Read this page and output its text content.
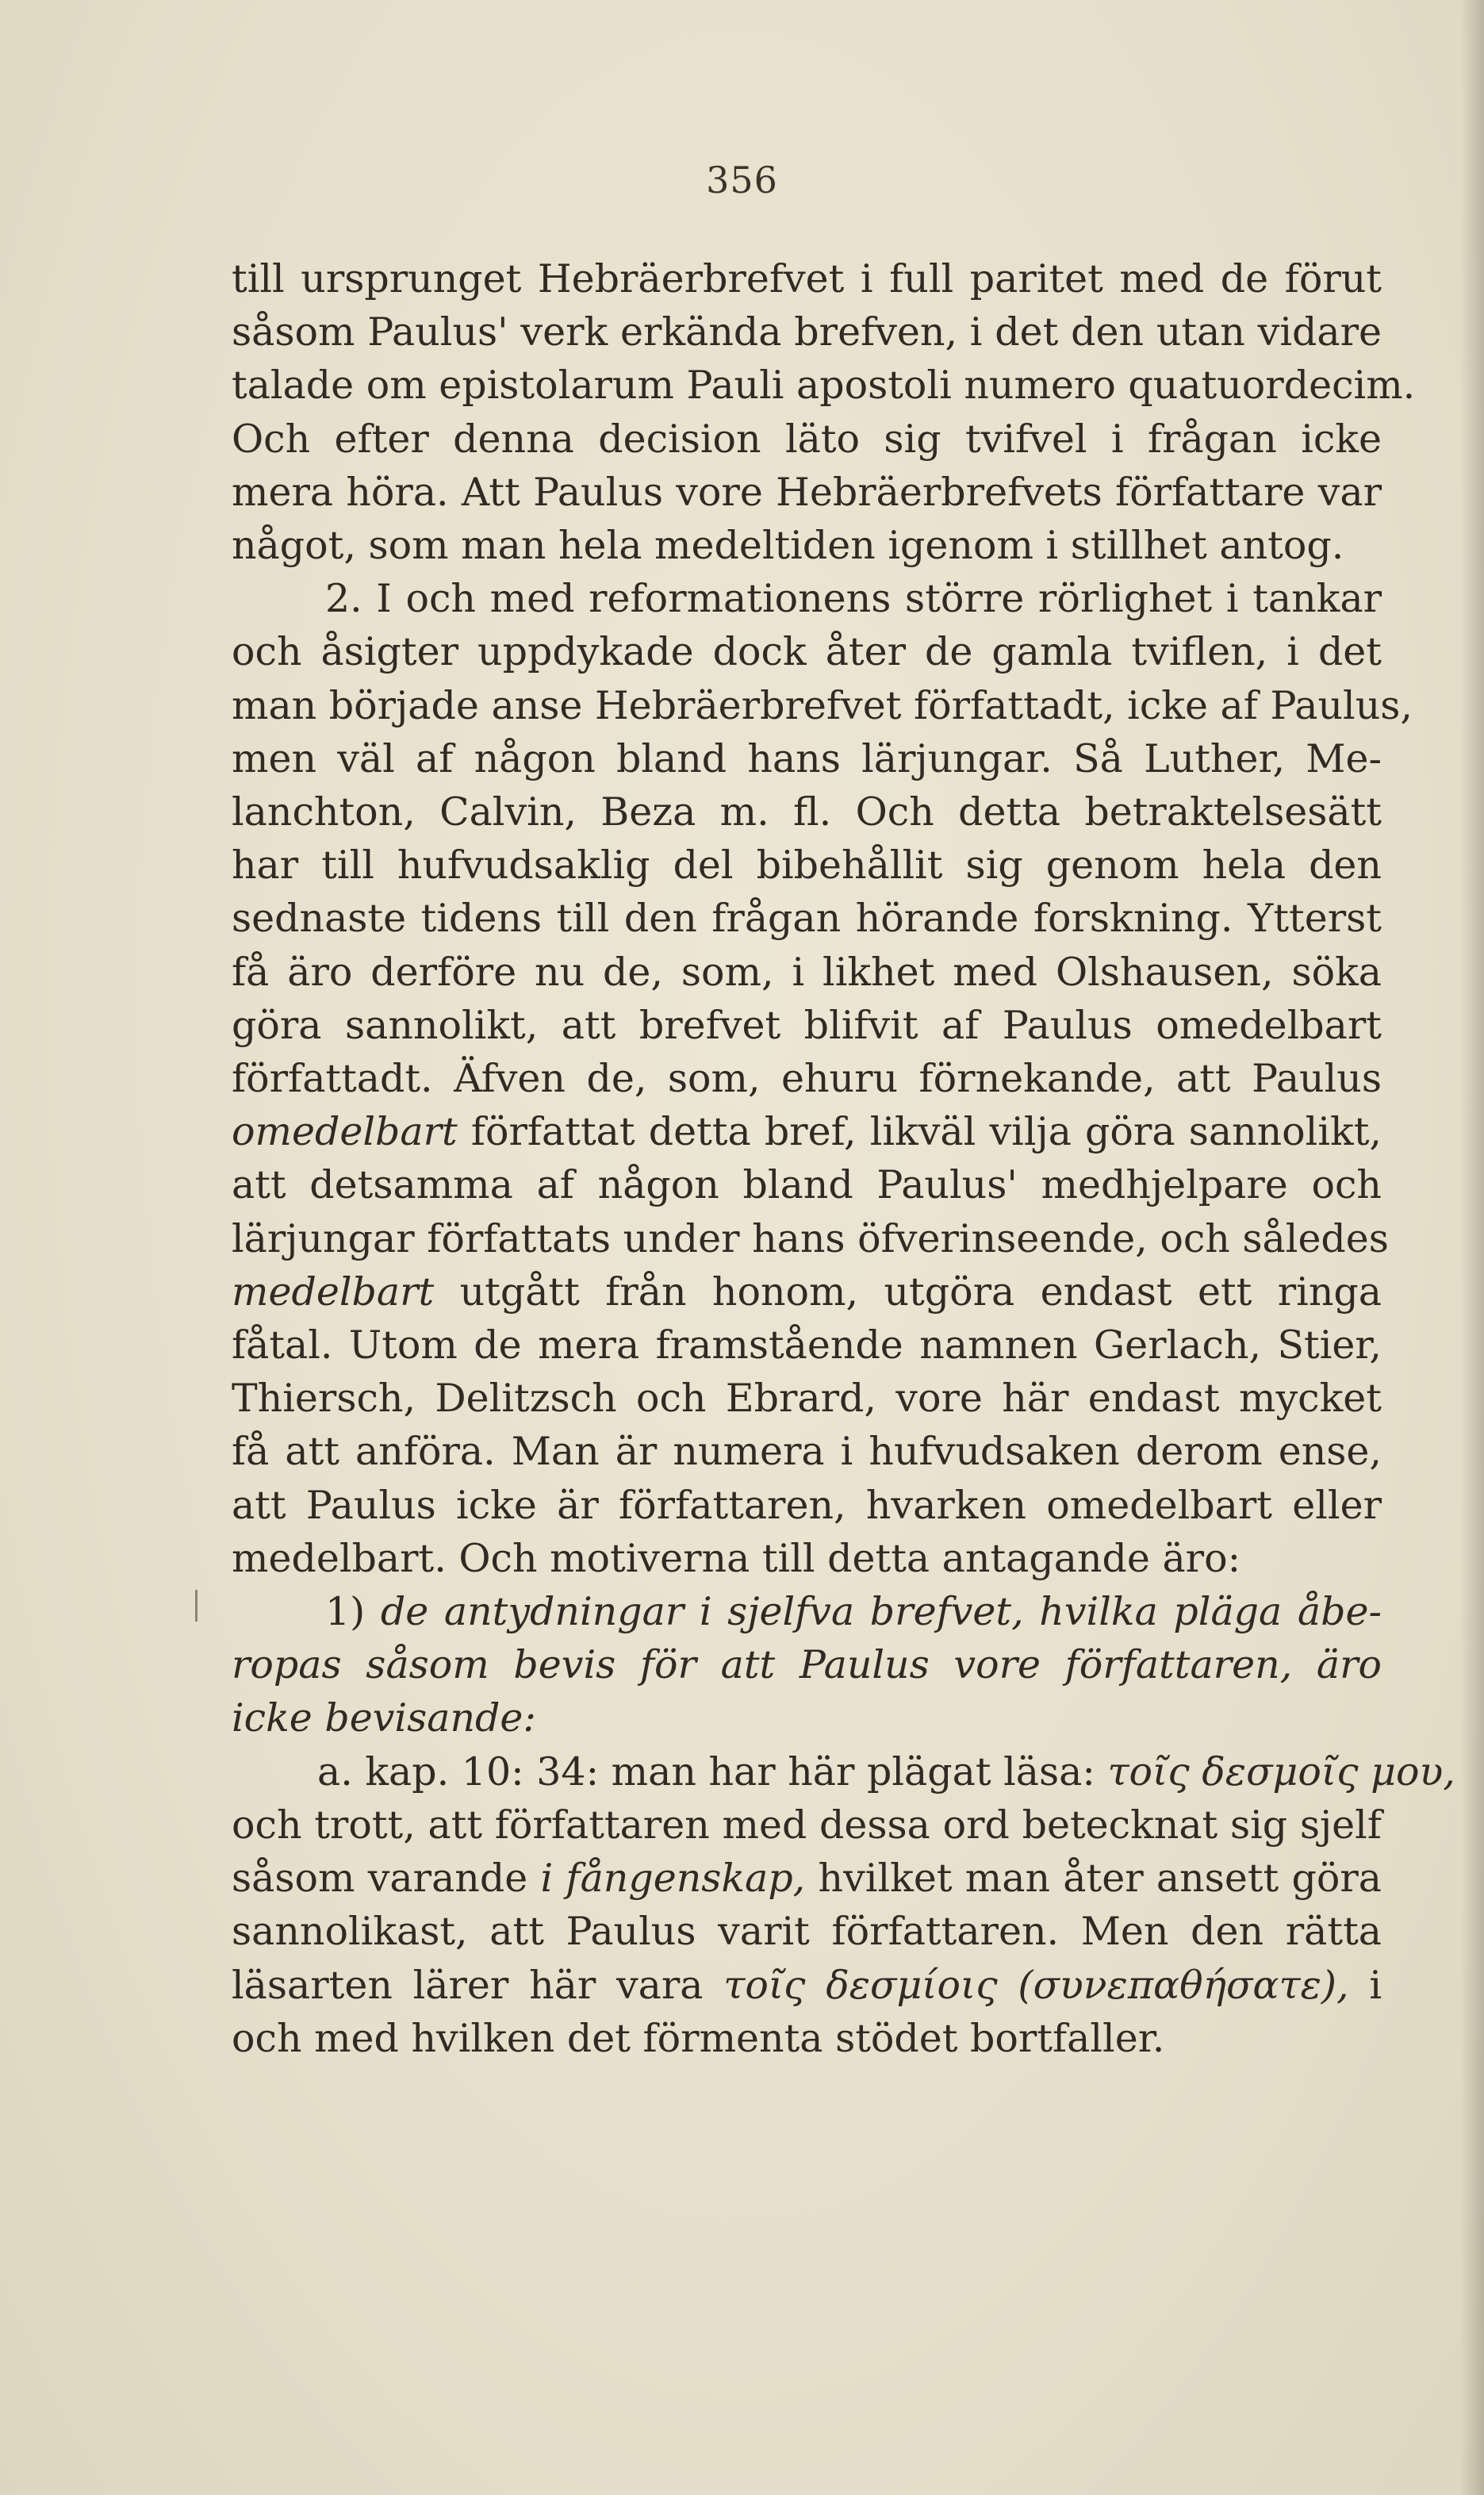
356
till ursprunget Hebräerbrefvet i full paritet med de förut
såsom Paulus' verk erkända brefven, i det den utan vidare
talade om epistolarum Pauli apostoli numero quatuordecim.
Och efter denna decision läto sig tvifvel i frågan icke
mera höra. Att Paulus vore Hebräerbrefvets författare var
något, som man hela medeltiden igenom i stillhet antog.
2. I och med reformationens större rörlighet i tankar
och åsigter uppdykade dock åter de gamla tviflen, i det
man började anse Hebräerbrefvet författadt, icke af Paulus,
men väl af någon bland hans lärjungar. Så Luther, Me-
lanchton, Calvin, Beza m. fl. Och detta betraktelsesätt
har till hufvudsaklig del bibehållit sig genom hela den
sednaste tidens till den frågan hörande forskning. Ytterst
få äro derföre nu de, som, i likhet med Olshausen, söka
göra sannolikt, att brefvet blifvit af Paulus omedelbart
författadt. Äfven de, som, ehuru förnekande, att Paulus
omedelbart författat detta bref, likväl vilja göra sannolikt,
att detsamma af någon bland Paulus' medhjelpare och
lärjungar författats under hans öfverinseende, och således
medelbart utgått från honom, utgöra endast ett ringa
fåtal. Utom de mera framstående namnen Gerlach, Stier,
Thiersch, Delitzsch och Ebrard, vore här endast mycket
få att anföra. Man är numera i hufvudsaken derom ense,
att Paulus icke är författaren, hvarken omedelbart eller
medelbart. Och motiverna till detta antagande äro:
1) de antydningar i sjelfva brefvet, hvilka pläga åbe-
ropas såsom bevis för att Paulus vore författaren, äro
icke bevisande:
a. kap. 10: 34: man har här plägat läsa: τοῖς δεσμοῖς μου,
och trott, att författaren med dessa ord betecknat sig sjelf
såsom varande i fångenskap, hvilket man åter ansett göra
sannolikast, att Paulus varit författaren. Men den rätta
läsarten lärer här vara τοῖς δεσμίοις (συνεπαθήσατε), i
och med hvilken det förmenta stödet bortfaller.
